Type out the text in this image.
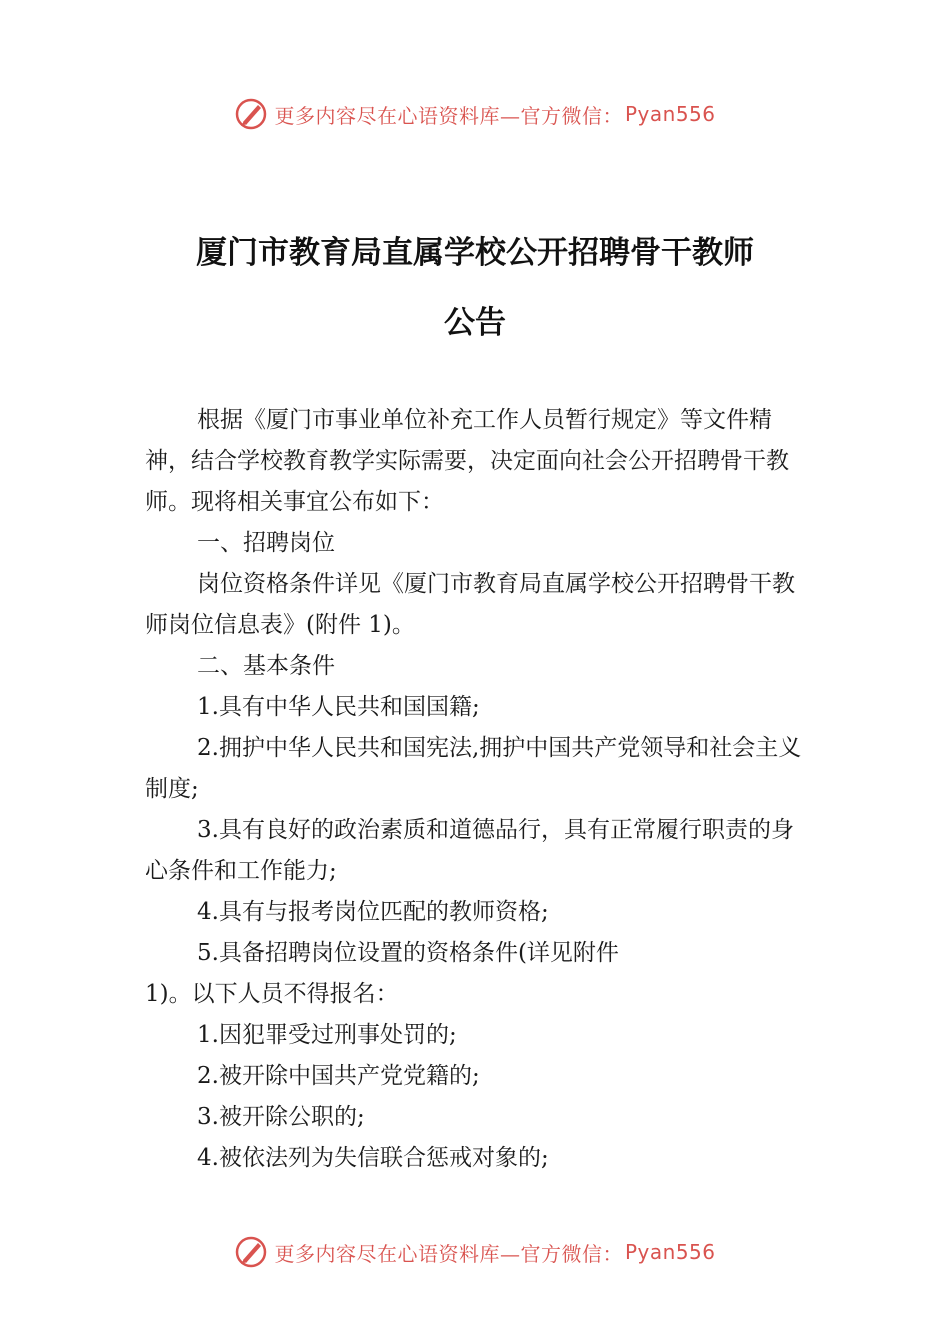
更多内容尽在心语资料库—官方微信： Pyan556
厦门市教育局直属学校公开招聘骨干教师
公告

根据《厦门市事业单位补充工作人员暂行规定》等文件精神，结合学校教育教学实际需要，决定面向社会公开招聘骨干教师。现将相关事宜公布如下：

一、招聘岗位

岗位资格条件详见《厦门市教育局直属学校公开招聘骨干教师岗位信息表》(附件 1)。

二、基本条件

1.具有中华人民共和国国籍;

2.拥护中华人民共和国宪法,拥护中国共产党领导和社会主义制度;

3.具有良好的政治素质和道德品行，具有正常履行职责的身心条件和工作能力;

4.具有与报考岗位匹配的教师资格;

5.具备招聘岗位设置的资格条件(详见附件

1)。以下人员不得报名：

1.因犯罪受过刑事处罚的;

2.被开除中国共产党党籍的;

3.被开除公职的;

4.被依法列为失信联合惩戒对象的;

更多内容尽在心语资料库—官方微信： Pyan556
